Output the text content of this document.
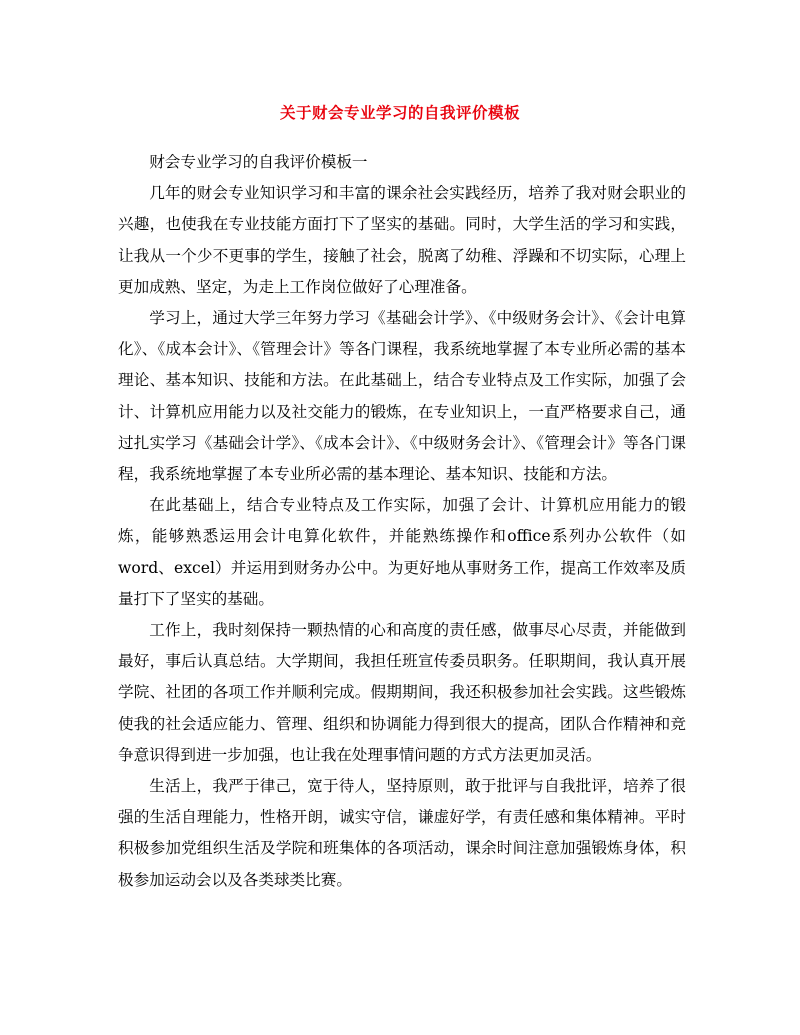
关于财会专业学习的自我评价模板

财会专业学习的自我评价模板一

几年的财会专业知识学习和丰富的课余社会实践经历，培养了我对财会职业的兴趣，也使我在专业技能方面打下了坚实的基础。同时，大学生活的学习和实践，让我从一个少不更事的学生，接触了社会，脱离了幼稚、浮躁和不切实际，心理上更加成熟、坚定，为走上工作岗位做好了心理准备。

学习上，通过大学三年努力学习《基础会计学》、《中级财务会计》、《会计电算化》、《成本会计》、《管理会计》等各门课程，我系统地掌握了本专业所必需的基本理论、基本知识、技能和方法。在此基础上，结合专业特点及工作实际，加强了会计、计算机应用能力以及社交能力的锻炼，在专业知识上，一直严格要求自己，通过扎实学习《基础会计学》、《成本会计》、《中级财务会计》、《管理会计》等各门课程，我系统地掌握了本专业所必需的基本理论、基本知识、技能和方法。

在此基础上，结合专业特点及工作实际，加强了会计、计算机应用能力的锻炼，能够熟悉运用会计电算化软件，并能熟练操作和office系列办公软件（如word、excel）并运用到财务办公中。为更好地从事财务工作，提高工作效率及质量打下了坚实的基础。

工作上，我时刻保持一颗热情的心和高度的责任感，做事尽心尽责，并能做到最好，事后认真总结。大学期间，我担任班宣传委员职务。任职期间，我认真开展学院、社团的各项工作并顺利完成。假期期间，我还积极参加社会实践。这些锻炼使我的社会适应能力、管理、组织和协调能力得到很大的提高，团队合作精神和竞争意识得到进一步加强，也让我在处理事情问题的方式方法更加灵活。

生活上，我严于律己，宽于待人，坚持原则，敢于批评与自我批评，培养了很强的生活自理能力，性格开朗，诚实守信，谦虚好学，有责任感和集体精神。平时积极参加党组织生活及学院和班集体的各项活动，课余时间注意加强锻炼身体，积极参加运动会以及各类球类比赛。
